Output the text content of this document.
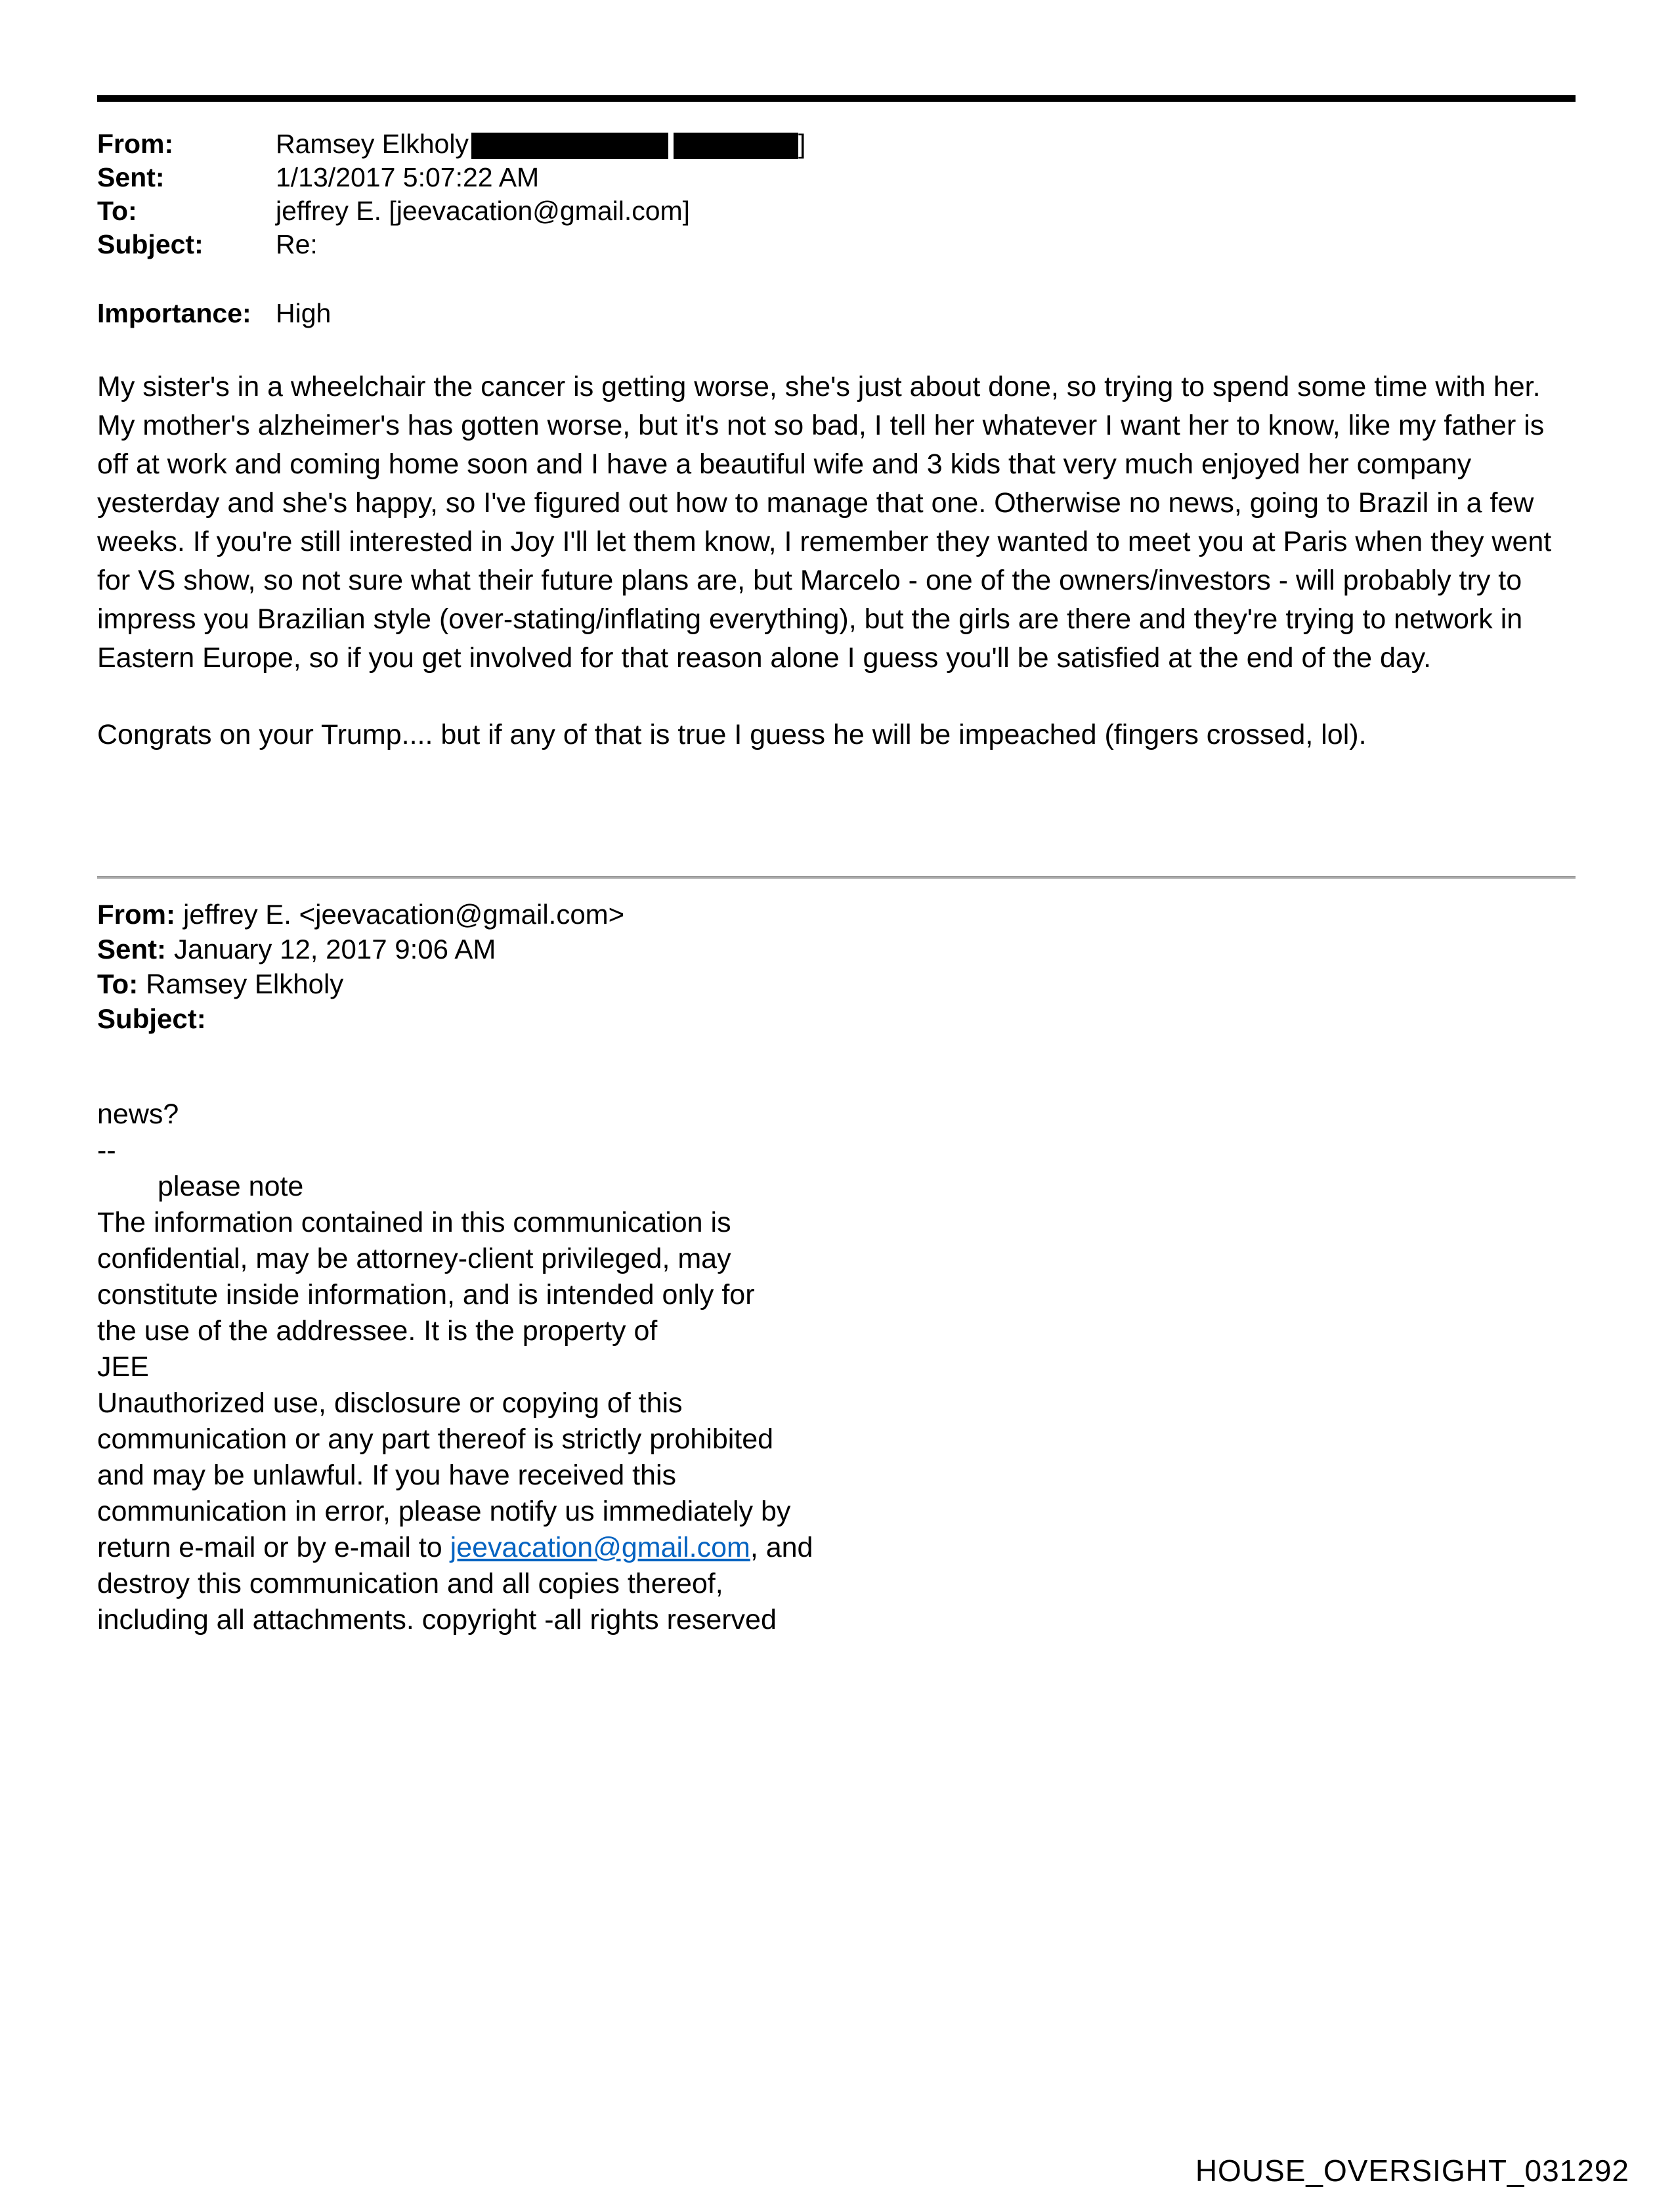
From:	Ramsey Elkholy	]
Sent:	1/13/2017 5:07:22 AM
To:	jeffrey E. [jeevacation@gmail.com]
Subject:	Re:
Importance: High
My sister's in a wheelchair the cancer is getting worse, she's just about done, so trying to spend some time with her. My mother's alzheimer's has gotten worse, but it's not so bad, I tell her whatever I want her to know, like my father is off at work and coming home soon and I have a beautiful wife and 3 kids that very much enjoyed her company yesterday and she's happy, so I've figured out how to manage that one. Otherwise no news, going to Brazil in a few weeks. If you're still interested in Joy I'll let them know, I remember they wanted to meet you at Paris when they went for VS show, so not sure what their future plans are, but Marcelo - one of the owners/investors - will probably try to impress you Brazilian style (over-stating/inflating everything), but the girls are there and they're trying to network in Eastern Europe, so if you get involved for that reason alone I guess you'll be satisfied at the end of the day.
Congrats on your Trump.... but if any of that is true I guess he will be impeached (fingers crossed, lol).
From: jeffrey E. <jeevacation@gmail.com>
Sent: January 12, 2017 9:06 AM
To: Ramsey Elkholy
Subject:
news?
--
please note
The information contained in this communication is
confidential, may be attorney-client privileged, may
constitute inside information, and is intended only for
the use of the addressee. It is the property of
JEE
Unauthorized use, disclosure or copying of this
communication or any part thereof is strictly prohibited
and may be unlawful. If you have received this
communication in error, please notify us immediately by
return e-mail or by e-mail to jeevacation@gmail.com, and
destroy this communication and all copies thereof,
including all attachments. copyright -all rights reserved
HOUSE_OVERSIGHT_031292
